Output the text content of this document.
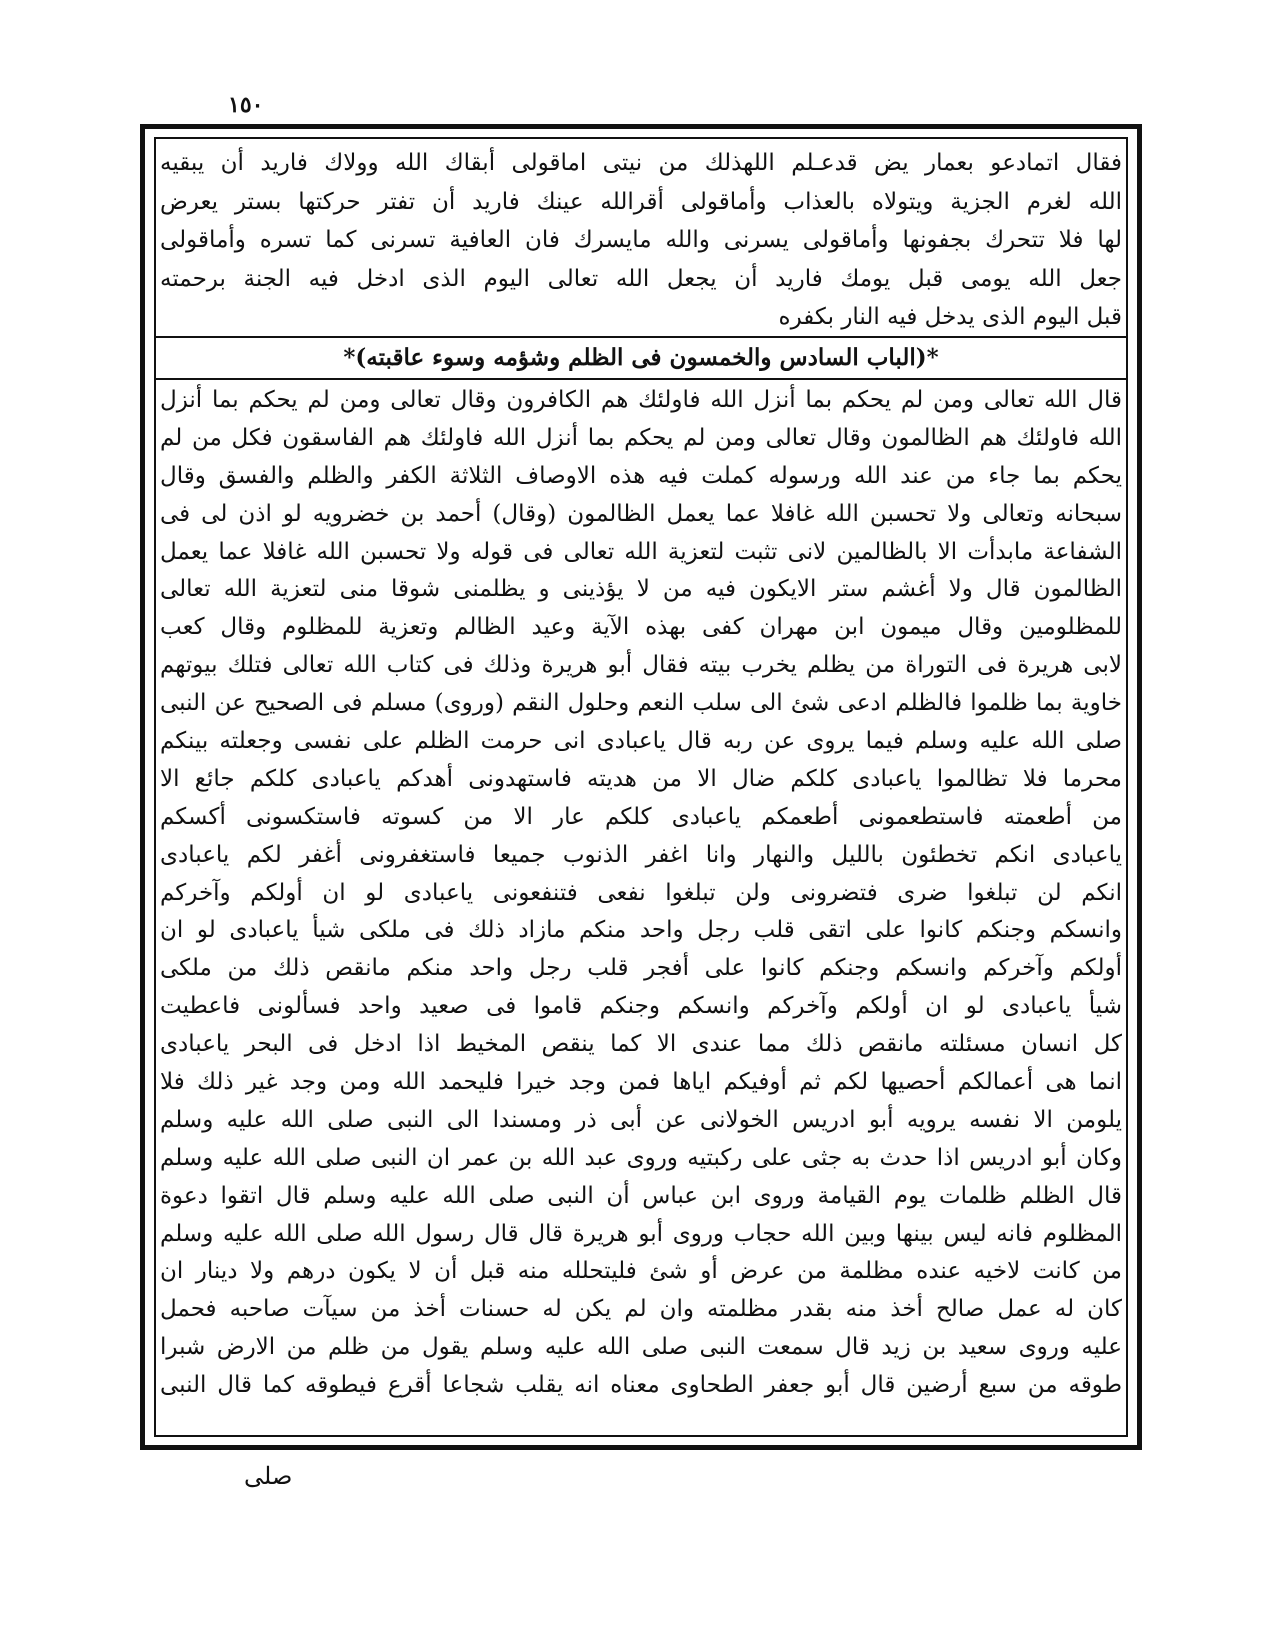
١٥٠
فقال اتمادعو بعمار يض قدعـلم اللهذلك من نيتى اماقولى أبقاك الله وولاك فاريد أن يبقيه
الله لغرم الجزية ويتولاه بالعذاب وأماقولى أقرالله عينك فاريد أن تفتر حركتها بستر يعرض
لها فلا تتحرك بجفونها وأماقولى يسرنى والله مايسرك فان العافية تسرنى كما تسره وأماقولى
جعل الله يومى قبل يومك فاريد أن يجعل الله تعالى اليوم الذى ادخل فيه الجنة برحمته
قبل اليوم الذى يدخل فيه النار بكفره
*(الباب السادس والخمسون فى الظلم وشؤمه وسوء عاقبته)*
قال الله تعالى ومن لم يحكم بما أنزل الله فاولئك هم الكافرون وقال تعالى ومن لم يحكم بما أنزل
الله فاولئك هم الظالمون وقال تعالى ومن لم يحكم بما أنزل الله فاولئك هم الفاسقون فكل من لم
يحكم بما جاء من عند الله ورسوله كملت فيه هذه الاوصاف الثلاثة الكفر والظلم والفسق وقال
سبحانه وتعالى ولا تحسبن الله غافلا عما يعمل الظالمون (وقال) أحمد بن خضرويه لو اذن لى فى
الشفاعة مابدأت الا بالظالمين لانى تثبت لتعزية الله تعالى فى قوله ولا تحسبن الله غافلا عما يعمل
الظالمون قال ولا أغشم ستر الايكون فيه من لا يؤذينى و يظلمنى شوقا منى لتعزية الله تعالى
للمظلومين وقال ميمون ابن مهران كفى بهذه الآية وعيد الظالم وتعزية للمظلوم وقال كعب
لابى هريرة فى التوراة من يظلم يخرب بيته فقال أبو هريرة وذلك فى كتاب الله تعالى فتلك بيوتهم
خاوية بما ظلموا فالظلم ادعى شئ الى سلب النعم وحلول النقم (وروى) مسلم فى الصحيح عن النبى
صلى الله عليه وسلم فيما يروى عن ربه قال ياعبادى انى حرمت الظلم على نفسى وجعلته بينكم
محرما فلا تظالموا ياعبادى كلكم ضال الا من هديته فاستهدونى أهدكم ياعبادى كلكم جائع الا
من أطعمته فاستطعمونى أطعمكم ياعبادى كلكم عار الا من كسوته فاستكسونى أكسكم
ياعبادى انكم تخطئون بالليل والنهار وانا اغفر الذنوب جميعا فاستغفرونى أغفر لكم ياعبادى
انكم لن تبلغوا ضرى فتضرونى ولن تبلغوا نفعى فتنفعونى ياعبادى لو ان أولكم وآخركم
وانسكم وجنكم كانوا على اتقى قلب رجل واحد منكم مازاد ذلك فى ملكى شيأ ياعبادى لو ان
أولكم وآخركم وانسكم وجنكم كانوا على أفجر قلب رجل واحد منكم مانقص ذلك من ملكى
شيأ ياعبادى لو ان أولكم وآخركم وانسكم وجنكم قاموا فى صعيد واحد فسألونى فاعطيت
كل انسان مسئلته مانقص ذلك مما عندى الا كما ينقص المخيط اذا ادخل فى البحر ياعبادى
انما هى أعمالكم أحصيها لكم ثم أوفيكم اياها فمن وجد خيرا فليحمد الله ومن وجد غير ذلك فلا
يلومن الا نفسه يرويه أبو ادريس الخولانى عن أبى ذر ومسندا الى النبى صلى الله عليه وسلم
وكان أبو ادريس اذا حدث به جثى على ركبتيه وروى عبد الله بن عمر ان النبى صلى الله عليه وسلم
قال الظلم ظلمات يوم القيامة وروى ابن عباس أن النبى صلى الله عليه وسلم قال اتقوا دعوة
المظلوم فانه ليس بينها وبين الله حجاب وروى أبو هريرة قال قال رسول الله صلى الله عليه وسلم
من كانت لاخيه عنده مظلمة من عرض أو شئ فليتحلله منه قبل أن لا يكون درهم ولا دينار ان
كان له عمل صالح أخذ منه بقدر مظلمته وان لم يكن له حسنات أخذ من سيآت صاحبه فحمل
عليه وروى سعيد بن زيد قال سمعت النبى صلى الله عليه وسلم يقول من ظلم من الارض شبرا
طوقه من سبع أرضين قال أبو جعفر الطحاوى معناه انه يقلب شجاعا أقرع فيطوقه كما قال النبى
صلى
